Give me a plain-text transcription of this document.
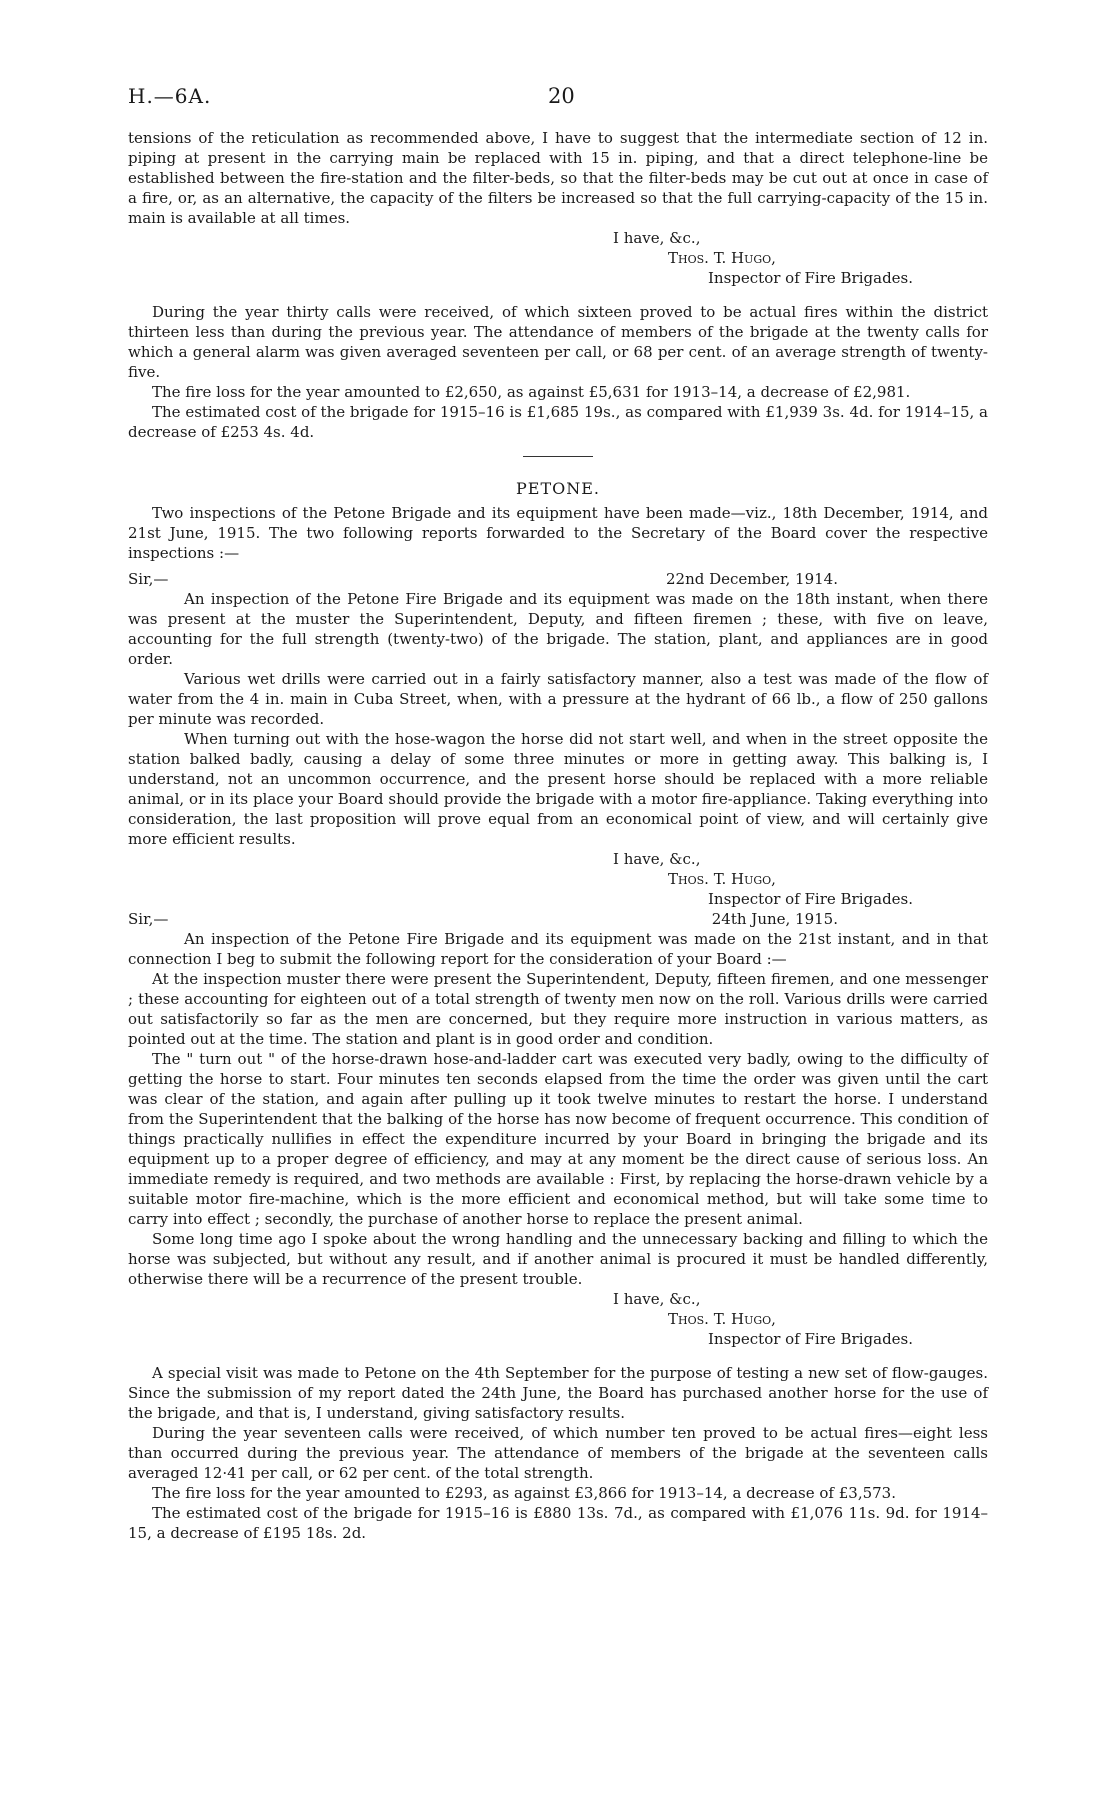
H.—6A.	20

tensions of the reticulation as recommended above, I have to suggest that the intermediate section of 12 in. piping at present in the carrying main be replaced with 15 in. piping, and that a direct telephone-line be established between the fire-station and the filter-beds, so that the filter-beds may be cut out at once in case of a fire, or, as an alternative, the capacity of the filters be increased so that the full carrying-capacity of the 15 in. main is available at all times.

I have, &c.,
Thos. T. Hugo,
Inspector of Fire Brigades.

During the year thirty calls were received, of which sixteen proved to be actual fires within the district thirteen less than during the previous year. The attendance of members of the brigade at the twenty calls for which a general alarm was given averaged seventeen per call, or 68 per cent. of an average strength of twenty-five.

The fire loss for the year amounted to £2,650, as against £5,631 for 1913–14, a decrease of £2,981.

The estimated cost of the brigade for 1915–16 is £1,685 19s., as compared with £1,939 3s. 4d. for 1914–15, a decrease of £253 4s. 4d.

PETONE.

Two inspections of the Petone Brigade and its equipment have been made—viz., 18th December, 1914, and 21st June, 1915. The two following reports forwarded to the Secretary of the Board cover the respective inspections :—

Sir,—	22nd December, 1914.

An inspection of the Petone Fire Brigade and its equipment was made on the 18th instant, when there was present at the muster the Superintendent, Deputy, and fifteen firemen ; these, with five on leave, accounting for the full strength (twenty-two) of the brigade. The station, plant, and appliances are in good order.

Various wet drills were carried out in a fairly satisfactory manner, also a test was made of the flow of water from the 4 in. main in Cuba Street, when, with a pressure at the hydrant of 66 lb., a flow of 250 gallons per minute was recorded.

When turning out with the hose-wagon the horse did not start well, and when in the street opposite the station balked badly, causing a delay of some three minutes or more in getting away. This balking is, I understand, not an uncommon occurrence, and the present horse should be replaced with a more reliable animal, or in its place your Board should provide the brigade with a motor fire-appliance. Taking everything into consideration, the last proposition will prove equal from an economical point of view, and will certainly give more efficient results.

I have, &c.,
Thos. T. Hugo,
Inspector of Fire Brigades.
Sir,—	24th June, 1915.

An inspection of the Petone Fire Brigade and its equipment was made on the 21st instant, and in that connection I beg to submit the following report for the consideration of your Board :—

At the inspection muster there were present the Superintendent, Deputy, fifteen firemen, and one messenger ; these accounting for eighteen out of a total strength of twenty men now on the roll. Various drills were carried out satisfactorily so far as the men are concerned, but they require more instruction in various matters, as pointed out at the time. The station and plant is in good order and condition.

The " turn out " of the horse-drawn hose-and-ladder cart was executed very badly, owing to the difficulty of getting the horse to start. Four minutes ten seconds elapsed from the time the order was given until the cart was clear of the station, and again after pulling up it took twelve minutes to restart the horse. I understand from the Superintendent that the balking of the horse has now become of frequent occurrence. This condition of things practically nullifies in effect the expenditure incurred by your Board in bringing the brigade and its equipment up to a proper degree of efficiency, and may at any moment be the direct cause of serious loss. An immediate remedy is required, and two methods are available : First, by replacing the horse-drawn vehicle by a suitable motor fire-machine, which is the more efficient and economical method, but will take some time to carry into effect ; secondly, the purchase of another horse to replace the present animal.

Some long time ago I spoke about the wrong handling and the unnecessary backing and filling to which the horse was subjected, but without any result, and if another animal is procured it must be handled differently, otherwise there will be a recurrence of the present trouble.

I have, &c.,
Thos. T. Hugo,
Inspector of Fire Brigades.

A special visit was made to Petone on the 4th September for the purpose of testing a new set of flow-gauges. Since the submission of my report dated the 24th June, the Board has purchased another horse for the use of the brigade, and that is, I understand, giving satisfactory results.

During the year seventeen calls were received, of which number ten proved to be actual fires—eight less than occurred during the previous year. The attendance of members of the brigade at the seventeen calls averaged 12·41 per call, or 62 per cent. of the total strength.

The fire loss for the year amounted to £293, as against £3,866 for 1913–14, a decrease of £3,573.

The estimated cost of the brigade for 1915–16 is £880 13s. 7d., as compared with £1,076 11s. 9d. for 1914–15, a decrease of £195 18s. 2d.
